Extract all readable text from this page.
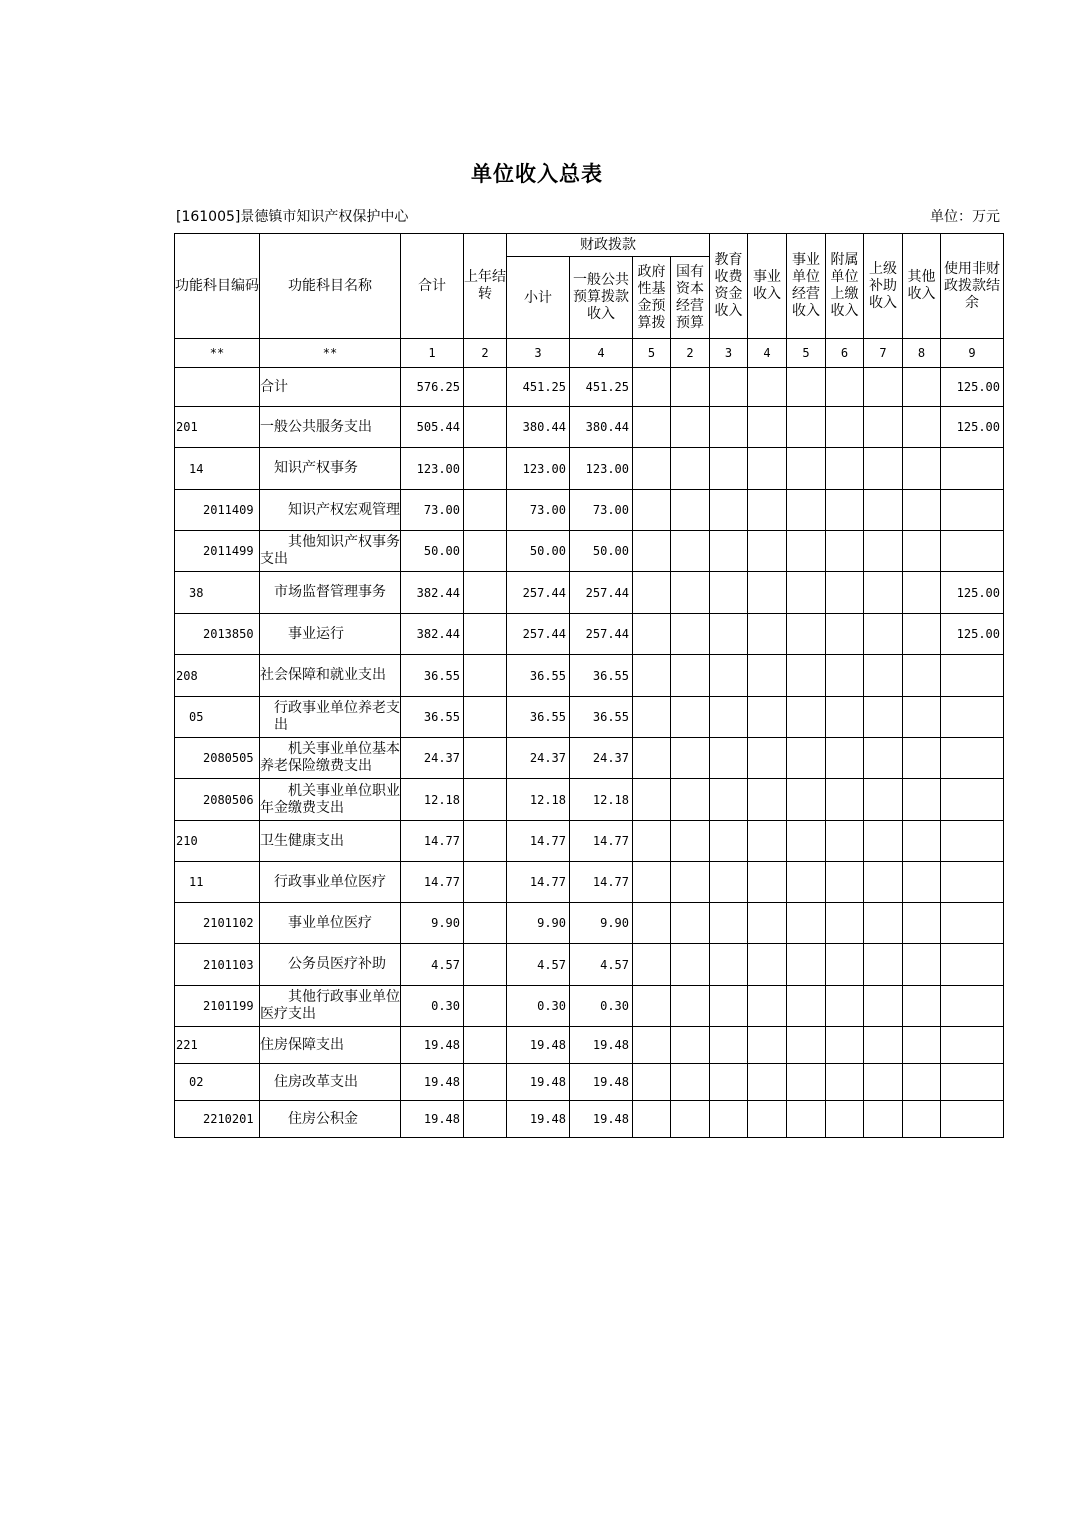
单位收入总表
[161005]景德镇市知识产权保护中心	单位：万元
功能科目编码	功能科目名称	合计	上年结转	财政拨款				教育收费资金收入	事业收入	事业单位经营收入	附属单位上缴收入	上级补助收入	其他收入	使用非财政拨款结余
				小计	一般公共预算拨款收入	政府性基金预算拨	国有资本经营预算							
**	**	1	2	3	4	5	2	3	4	5	6	7	8	9
	合计	576.25		451.25	451.25									125.00
201	一般公共服务支出	505.44		380.44	380.44									125.00
14	知识产权事务	123.00		123.00	123.00									
2011409	知识产权宏观管理	73.00		73.00	73.00									
2011499	其他知识产权事务支出	50.00		50.00	50.00									
38	市场监督管理事务	382.44		257.44	257.44									125.00
2013850	事业运行	382.44		257.44	257.44									125.00
208	社会保障和就业支出	36.55		36.55	36.55									
05	行政事业单位养老支出	36.55		36.55	36.55									
2080505	机关事业单位基本养老保险缴费支出	24.37		24.37	24.37									
2080506	机关事业单位职业年金缴费支出	12.18		12.18	12.18									
210	卫生健康支出	14.77		14.77	14.77									
11	行政事业单位医疗	14.77		14.77	14.77									
2101102	事业单位医疗	9.90		9.90	9.90									
2101103	公务员医疗补助	4.57		4.57	4.57									
2101199	其他行政事业单位医疗支出	0.30		0.30	0.30									
221	住房保障支出	19.48		19.48	19.48									
02	住房改革支出	19.48		19.48	19.48									
2210201	住房公积金	19.48		19.48	19.48									
